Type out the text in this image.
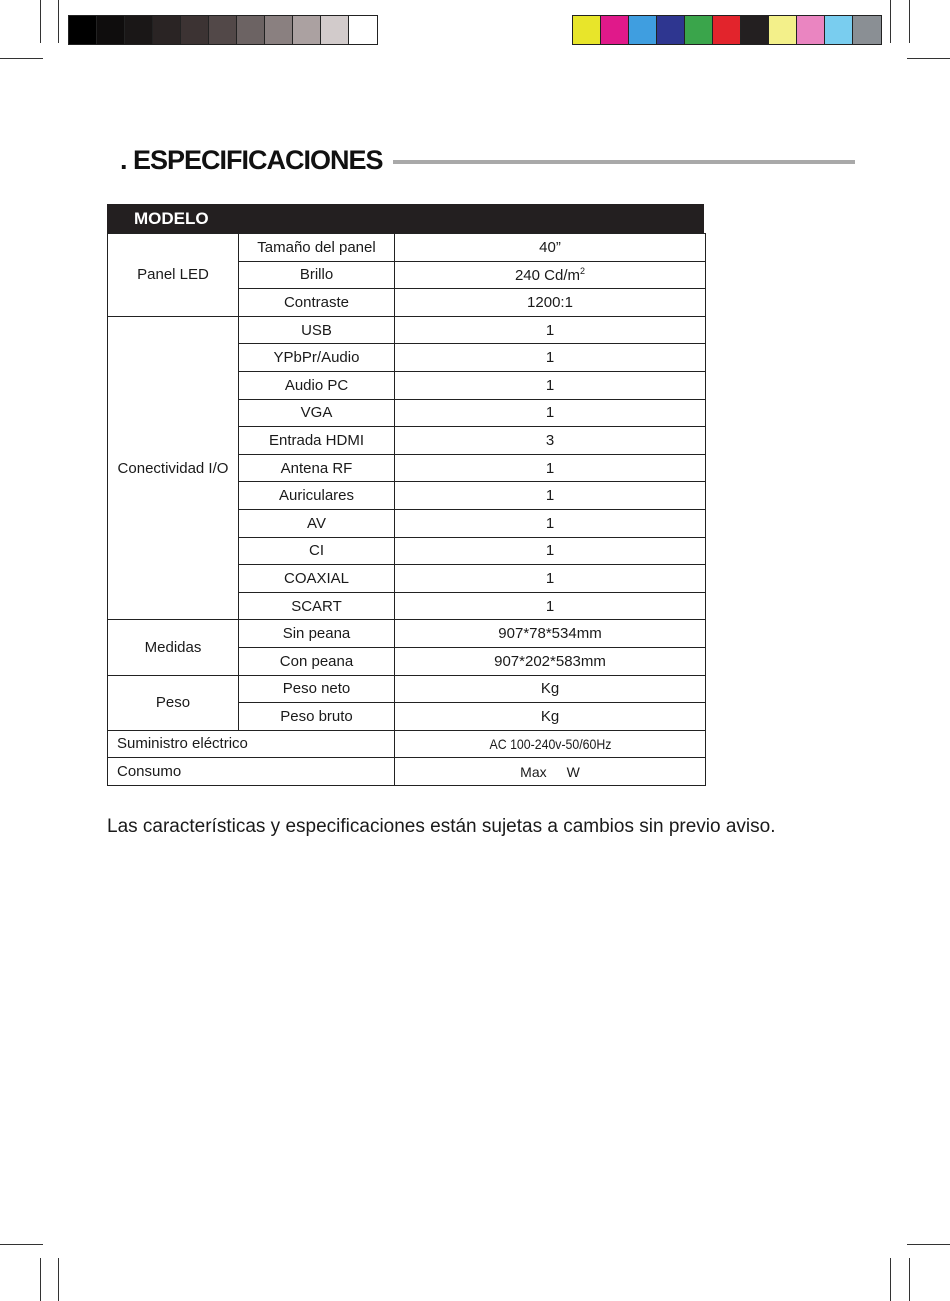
. ESPECIFICACIONES
MODELO
Panel LED	Tamaño del panel	40”
	Brillo	240 $Cd/m^2$
	Contraste	1200:1
Conectividad I/O	USB	1
	YPbPr/Audio	1
	Audio PC	1
	VGA	1
	Entrada HDMI	3
	Antena RF	1
	Auriculares	1
	AV	1
	CI	1
	COAXIAL	1
	SCART	1
Medidas	Sin peana	907*78*534mm
	Con peana	907*202*583mm
Peso	Peso neto	Kg
	Peso bruto	Kg
Suministro eléctrico		AC 100-240v-50/60Hz
Consumo		Max W
Las características y especificaciones están sujetas a cambios sin previo aviso.
